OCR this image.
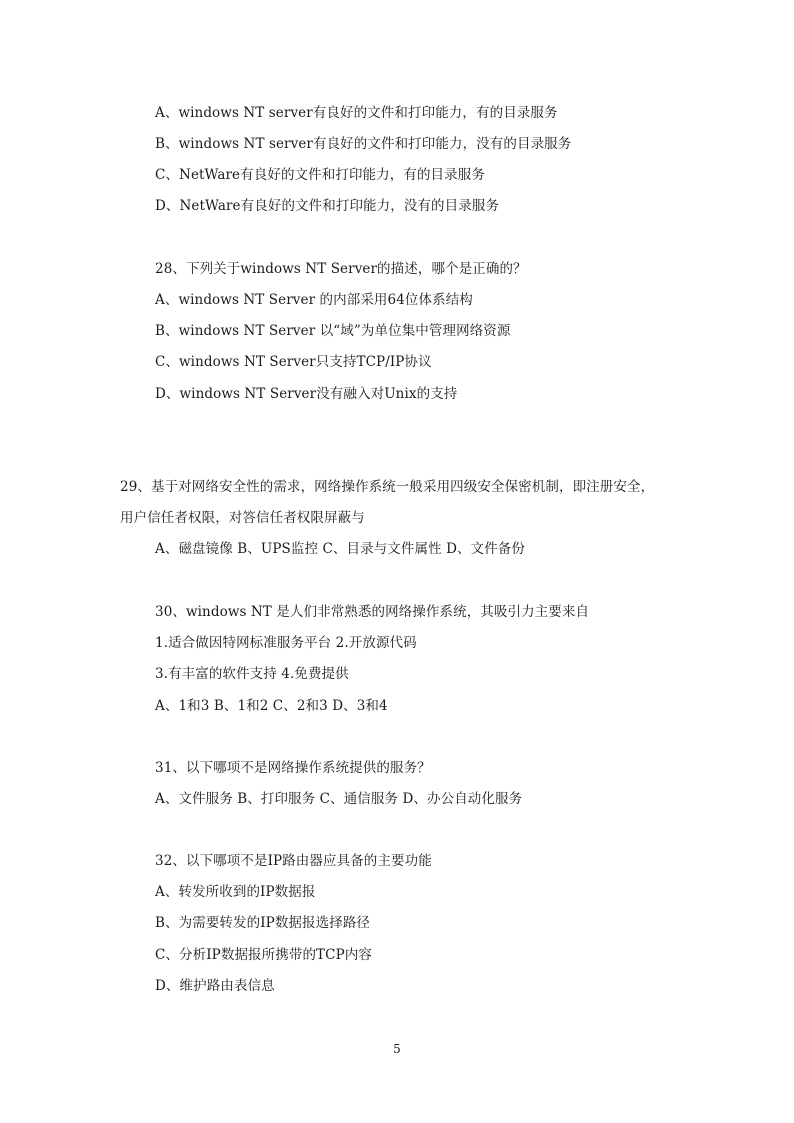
A、windows NT server有良好的文件和打印能力，有的目录服务
B、windows NT server有良好的文件和打印能力，没有的目录服务
C、NetWare有良好的文件和打印能力，有的目录服务
D、NetWare有良好的文件和打印能力，没有的目录服务
28、下列关于windows NT Server的描述，哪个是正确的？
A、windows NT Server 的内部采用64位体系结构
B、windows NT Server 以“域”为单位集中管理网络资源
C、windows NT Server只支持TCP/IP协议
D、windows NT Server没有融入对Unix的支持
29、基于对网络安全性的需求，网络操作系统一般采用四级安全保密机制，即注册安全，
用户信任者权限，对答信任者权限屏蔽与
A、磁盘镜像 B、UPS监控 C、目录与文件属性 D、文件备份
30、windows NT 是人们非常熟悉的网络操作系统，其吸引力主要来自
1.适合做因特网标准服务平台 2.开放源代码
3.有丰富的软件支持 4.免费提供
A、1和3 B、1和2 C、2和3 D、3和4
31、以下哪项不是网络操作系统提供的服务？
A、文件服务 B、打印服务 C、通信服务 D、办公自动化服务
32、以下哪项不是IP路由器应具备的主要功能
A、转发所收到的IP数据报
B、为需要转发的IP数据报选择路径
C、分析IP数据报所携带的TCP内容
D、维护路由表信息
5
